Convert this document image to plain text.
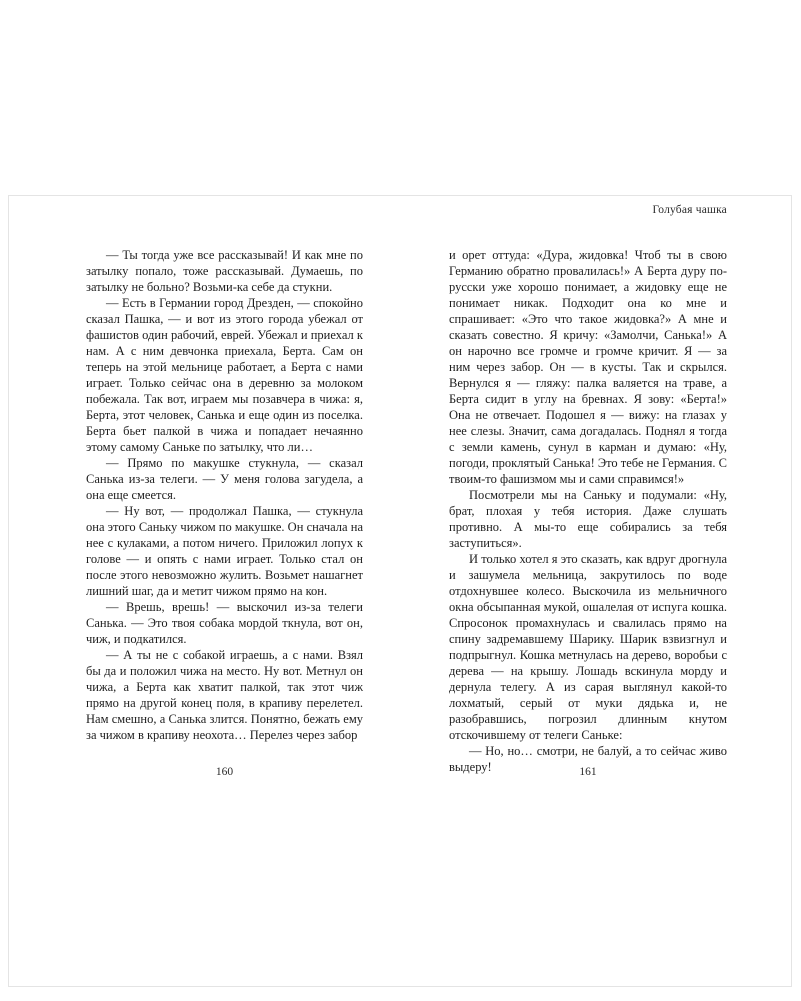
Голубая чашка

— Ты тогда уже все рассказывай! И как мне по затылку попало, тоже рассказывай. Думаешь, по затылку не больно? Возьми-ка себе да стукни.

— Есть в Германии город Дрезден, — спокойно сказал Пашка, — и вот из этого города убежал от фашистов один рабочий, еврей. Убежал и приехал к нам. А с ним девчонка приехала, Берта. Сам он теперь на этой мельнице работает, а Берта с нами играет. Только сейчас она в деревню за молоком побежала. Так вот, играем мы позавчера в чижа: я, Берта, этот человек, Санька и еще один из поселка. Берта бьет палкой в чижа и попадает нечаянно этому самому Саньке по затылку, что ли…

— Прямо по макушке стукнула, — сказал Санька из-за телеги. — У меня голова загудела, а она еще смеется.

— Ну вот, — продолжал Пашка, — стукнула она этого Саньку чижом по макушке. Он сначала на нее с кулаками, а потом ничего. Приложил лопух к голове — и опять с нами играет. Только стал он после этого невозможно жулить. Возьмет нашагнет лишний шаг, да и метит чижом прямо на кон.

— Врешь, врешь! — выскочил из-за телеги Санька. — Это твоя собака мордой ткнула, вот он, чиж, и подкатился.

— А ты не с собакой играешь, а с нами. Взял бы да и положил чижа на место. Ну вот. Метнул он чижа, а Берта как хватит палкой, так этот чиж прямо на другой конец поля, в крапиву перелетел. Нам смешно, а Санька злится. Понятно, бежать ему за чижом в крапиву неохота… Перелез через забор

и орет оттуда: «Дура, жидовка! Чтоб ты в свою Германию обратно провалилась!» А Берта дуру по-русски уже хорошо понимает, а жидовку еще не понимает никак. Подходит она ко мне и спрашивает: «Это что такое жидовка?» А мне и сказать совестно. Я кричу: «Замолчи, Санька!» А он нарочно все громче и громче кричит. Я — за ним через забор. Он — в кусты. Так и скрылся. Вернулся я — гляжу: палка валяется на траве, а Берта сидит в углу на бревнах. Я зову: «Берта!» Она не отвечает. Подошел я — вижу: на глазах у нее слезы. Значит, сама догадалась. Поднял я тогда с земли камень, сунул в карман и думаю: «Ну, погоди, проклятый Санька! Это тебе не Германия. С твоим-то фашизмом мы и сами справимся!»

Посмотрели мы на Саньку и подумали: «Ну, брат, плохая у тебя история. Даже слушать противно. А мы-то еще собирались за тебя заступиться».

И только хотел я это сказать, как вдруг дрогнула и зашумела мельница, закрутилось по воде отдохнувшее колесо. Выскочила из мельничного окна обсыпанная мукой, ошалелая от испуга кошка. Спросонок промахнулась и свалилась прямо на спину задремавшему Шарику. Шарик взвизгнул и подпрыгнул. Кошка метнулась на дерево, воробьи с дерева — на крышу. Лошадь вскинула морду и дернула телегу. А из сарая выглянул какой-то лохматый, серый от муки дядька и, не разобравшись, погрозил длинным кнутом отскочившему от телеги Саньке:

— Но, но… смотри, не балуй, а то сейчас живо выдеру!

160	161
